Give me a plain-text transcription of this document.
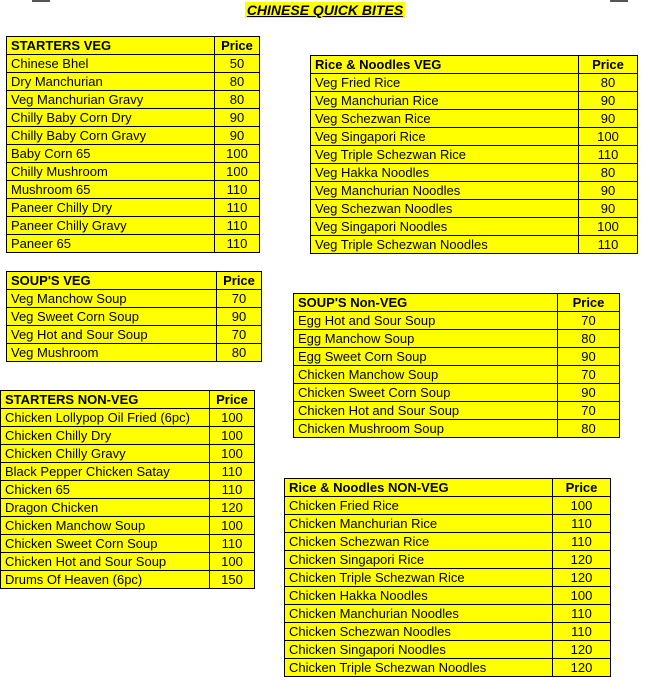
CHINESE QUICK BITES
STARTERS VEG	Price
Chinese Bhel	50
Dry Manchurian	80
Veg Manchurian Gravy	80
Chilly Baby Corn Dry	90
Chilly Baby Corn Gravy	90
Baby Corn 65	100
Chilly Mushroom	100
Mushroom 65	110
Paneer Chilly Dry	110
Paneer Chilly Gravy	110
Paneer 65	110
Rice & Noodles VEG	Price
Veg Fried Rice	80
Veg Manchurian Rice	90
Veg Schezwan Rice	90
Veg Singapori Rice	100
Veg Triple Schezwan Rice	110
Veg Hakka Noodles	80
Veg Manchurian Noodles	90
Veg Schezwan Noodles	90
Veg Singapori Noodles	100
Veg Triple Schezwan Noodles	110
SOUP'S VEG	Price
Veg Manchow Soup	70
Veg Sweet Corn Soup	90
Veg Hot and Sour Soup	70
Veg Mushroom	80
SOUP'S Non-VEG	Price
Egg Hot and Sour Soup	70
Egg Manchow Soup	80
Egg Sweet Corn Soup	90
Chicken Manchow Soup	70
Chicken Sweet Corn Soup	90
Chicken Hot and Sour Soup	70
Chicken Mushroom Soup	80
STARTERS NON-VEG	Price
Chicken Lollypop Oil Fried (6pc)	100
Chicken Chilly Dry	100
Chicken Chilly Gravy	100
Black Pepper Chicken Satay	110
Chicken 65	110
Dragon Chicken	120
Chicken Manchow Soup	100
Chicken Sweet Corn Soup	110
Chicken Hot and Sour Soup	100
Drums Of Heaven (6pc)	150
Rice & Noodles NON-VEG	Price
Chicken Fried Rice	100
Chicken Manchurian Rice	110
Chicken Schezwan Rice	110
Chicken Singapori Rice	120
Chicken Triple Schezwan Rice	120
Chicken Hakka Noodles	100
Chicken Manchurian Noodles	110
Chicken Schezwan Noodles	110
Chicken Singapori Noodles	120
Chicken Triple Schezwan Noodles	120
